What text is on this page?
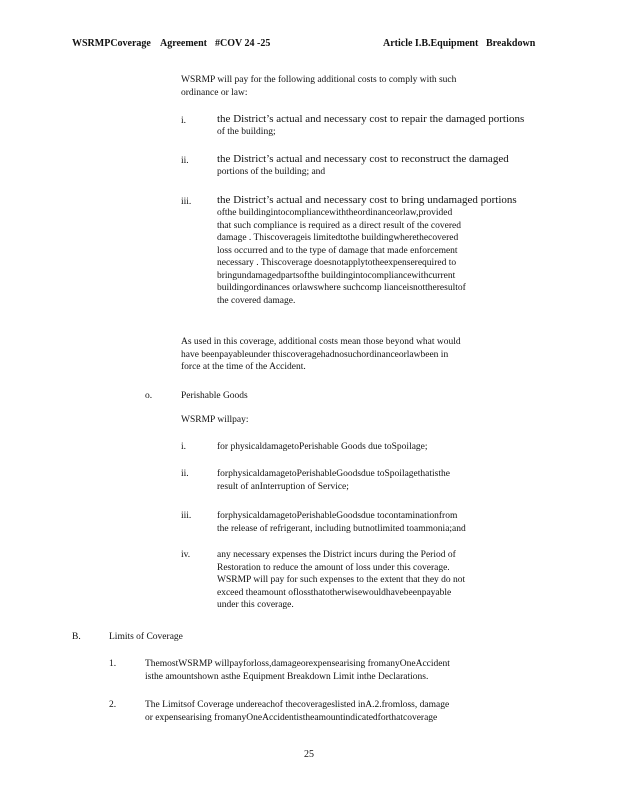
WSRMPCoverage Agreement #COV 24 -25	Article I.B.Equipment Breakdown
WSRMP will pay for the following additional costs to comply with such
ordinance or law:
i.	the District’s actual and necessary cost to repair the damaged portions
of the building;
ii.	the District’s actual and necessary cost to reconstruct the damaged
portions of the building; and
iii. the District’s actual and necessary cost to bring undamaged portions
ofthe buildingintocompliancewiththeordinanceorlaw,provided
that such compliance is required as a direct result of the covered
damage . Thiscoverageis limitedtothe buildingwherethecovered
loss occurred and to the type of damage that made enforcement
necessary . Thiscoverage doesnotapplytotheexpenserequired to
bringundamagedpartsofthe buildingintocompliancewithcurrent
buildingordinances orlawswhere suchcomp lianceisnottheresultof
the covered damage.
As used in this coverage, additional costs mean those beyond what would
have beenpayableunder thiscoveragehadnosuchordinanceorlawbeen in
force at the time of the Accident.
o.	Perishable Goods
WSRMP willpay:
i.	for physicaldamagetoPerishable Goods due toSpoilage;
ii.	forphysicaldamagetoPerishableGoodsdue toSpoilagethatisthe
result of anInterruption of Service;
iii.	forphysicaldamagetoPerishableGoodsdue tocontaminationfrom
the release of refrigerant, including butnotlimited toammonia;and
iv.	any necessary expenses the District incurs during the Period of
Restoration to reduce the amount of loss under this coverage.
WSRMP will pay for such expenses to the extent that they do not
exceed theamount oflossthatotherwisewouldhavebeenpayable
under this coverage.
B.	Limits of Coverage
1.	ThemostWSRMP willpayforloss,damageorexpensearising fromanyOneAccident
isthe amountshown asthe Equipment Breakdown Limit inthe Declarations.
2.	The Limitsof Coverage undereachof thecoverageslisted inA.2.fromloss, damage
or expensearising fromanyOneAccidentistheamountindicatedforthatcoverage
25
